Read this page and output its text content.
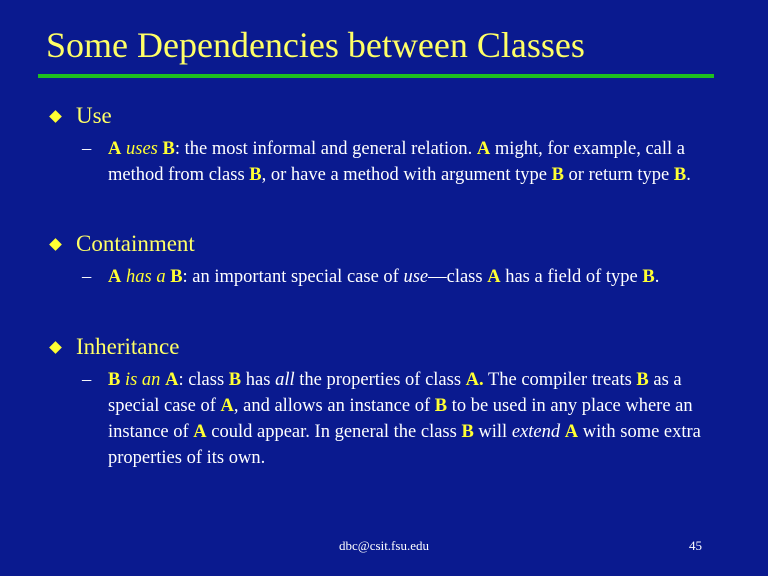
Some Dependencies between Classes
Use
– A uses B: the most informal and general relation. A might, for example, call a method from class B, or have a method with argument type B or return type B.
Containment
– A has a B: an important special case of use—class A has a field of type B.
Inheritance
– B is an A: class B has all the properties of class A. The compiler treats B as a special case of A, and allows an instance of B to be used in any place where an instance of A could appear. In general the class B will extend A with some extra properties of its own.
dbc@csit.fsu.edu	45
